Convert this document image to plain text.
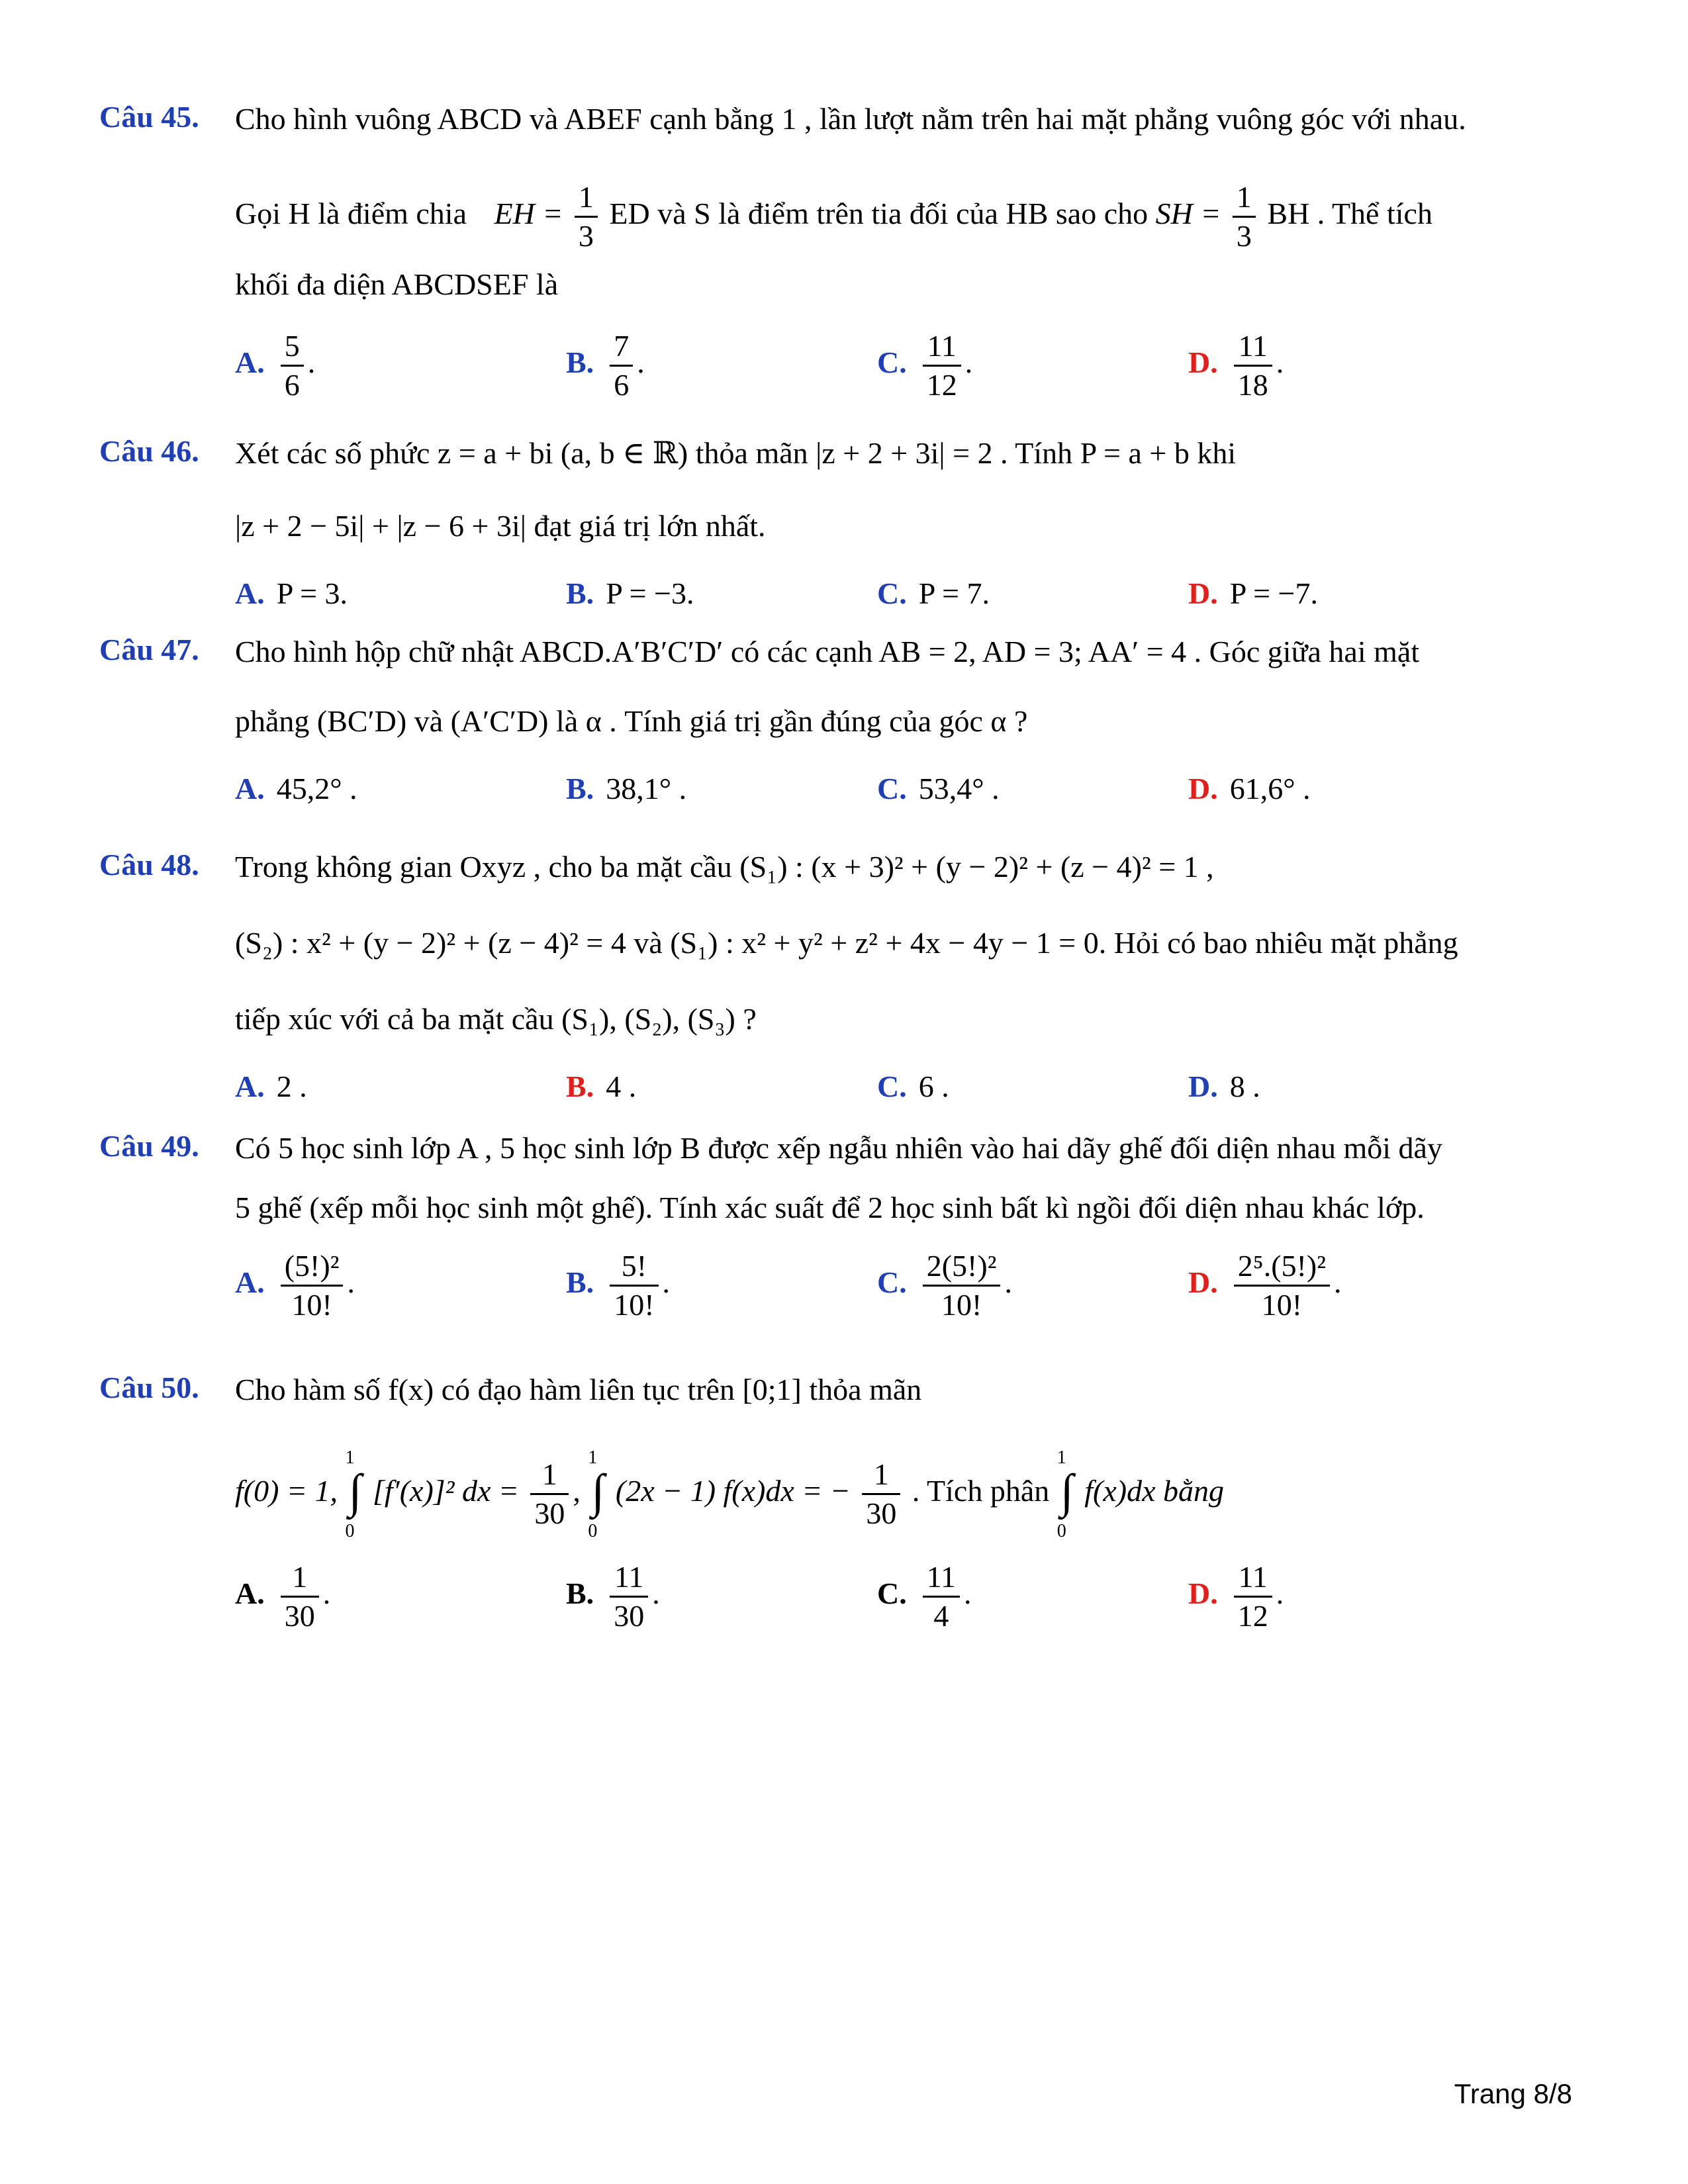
Câu 45. Cho hình vuông ABCD và ABEF cạnh bằng 1 , lần lượt nằm trên hai mặt phẳng vuông góc với nhau.
Gọi H là điểm chia EH = $\frac{1}{3}$ ED và S là điểm trên tia đối của HB sao cho SH = $\frac{1}{3}$ BH . Thể tích
khối đa diện ABCDSEF là
A. $\frac{5}{6}$ .	B. $\frac{7}{6}$ .	C. $\frac{11}{12}$ .	D. $\frac{11}{18}$ .
Câu 46. Xét các số phức z = a + bi (a, b ∈ ℝ) thỏa mãn |z + 2 + 3i| = 2 . Tính P = a + b khi
|z + 2 − 5i| + |z − 6 + 3i| đạt giá trị lớn nhất.
A. P = 3.	B. P = −3.	C. P = 7.	D. P = −7.
Câu 47. Cho hình hộp chữ nhật ABCD.A′B′C′D′ có các cạnh AB = 2, AD = 3; AA′ = 4 . Góc giữa hai mặt
phẳng (BC′D) và (A′C′D) là α . Tính giá trị gần đúng của góc α ?
A. 45,2° .	B. 38,1° .	C. 53,4° .	D. 61,6° .
Câu 48. Trong không gian Oxyz , cho ba mặt cầu (S₁) : (x + 3)² + (y − 2)² + (z − 4)² = 1 ,
(S₂) : x² + (y − 2)² + (z − 4)² = 4 và (S₁) : x² + y² + z² + 4x − 4y − 1 = 0. Hỏi có bao nhiêu mặt phẳng
tiếp xúc với cả ba mặt cầu (S₁), (S₂), (S₃) ?
A. 2 .	B. 4 .	C. 6 .	D. 8 .
Câu 49. Có 5 học sinh lớp A , 5 học sinh lớp B được xếp ngẫu nhiên vào hai dãy ghế đối diện nhau mỗi dãy
5 ghế (xếp mỗi học sinh một ghế). Tính xác suất để 2 học sinh bất kì ngồi đối diện nhau khác lớp.
A. $\frac{\text{(5!)²}}{10!}$ .	B. $\frac{5!}{10!}$ .	C. $\frac{\text{2(5!)²}}{10!}$ .	D. $\frac{\text{2⁵.(5!)²}}{10!}$ .
Câu 50. Cho hàm số f(x) có đạo hàm liên tục trên [0;1] thỏa mãn
f(0) = 1,
1
∫
0
[f′(x)]² dx = $\frac{1}{30}$ ,
1
∫
0
(2x − 1) f(x)dx = − $\frac{1}{30}$ . Tích phân
1
∫
0
f(x)dx bằng
A. $\frac{1}{30}$ .	B. $\frac{11}{30}$ .	C. $\frac{11}{4}$ .	D. $\frac{11}{12}$ .
Trang 8/8
